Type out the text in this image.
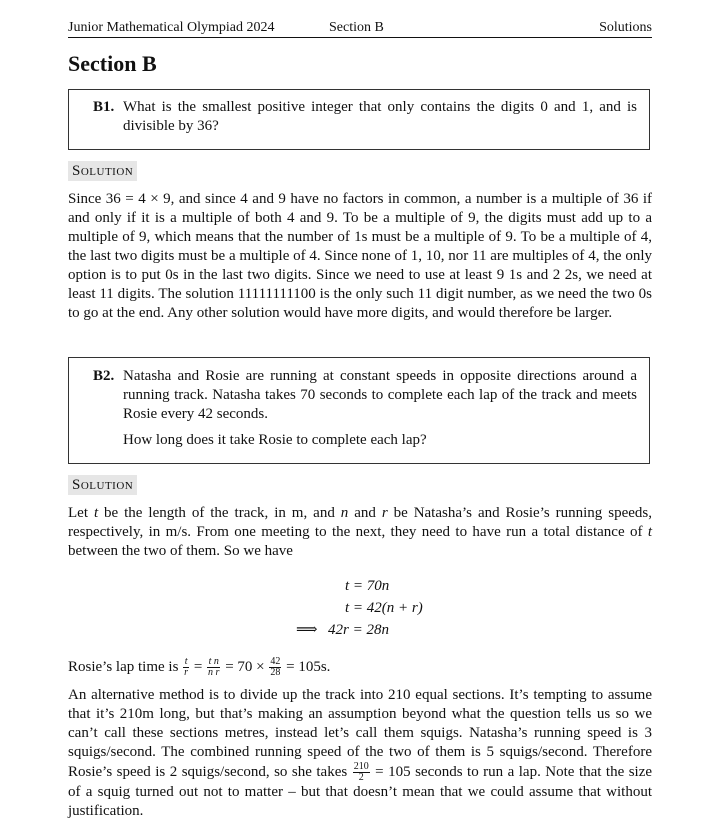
Junior Mathematical Olympiad 2024	Section B	Solutions
Section B
B1. What is the smallest positive integer that only contains the digits 0 and 1, and is divisible by 36?

Solution

Since 36 = 4 × 9, and since 4 and 9 have no factors in common, a number is a multiple of 36 if and only if it is a multiple of both 4 and 9. To be a multiple of 9, the digits must add up to a multiple of 9, which means that the number of 1s must be a multiple of 9. To be a multiple of 4, the last two digits must be a multiple of 4. Since none of 1, 10, nor 11 are multiples of 4, the only option is to put 0s in the last two digits. Since we need to use at least 9 1s and 2 2s, we need at least 11 digits. The solution 11111111100 is the only such 11 digit number, as we need the two 0s to go at the end. Any other solution would have more digits, and would therefore be larger.

B2. Natasha and Rosie are running at constant speeds in opposite directions around a running track. Natasha takes 70 seconds to complete each lap of the track and meets Rosie every 42 seconds.

How long does it take Rosie to complete each lap?

Solution

Let t be the length of the track, in m, and n and r be Natasha’s and Rosie’s running speeds, respectively, in m/s. From one meeting to the next, they need to have run a total distance of t between the two of them. So we have

t = 70n
t = 42(n + r)
⟹ 42r = 28n

Rosie’s lap time is $\frac{t}{r} = \frac{\text{t n}}{\text{n r}} = 70 \times \frac{42}{28} = 105s$.

An alternative method is to divide up the track into 210 equal sections. It’s tempting to assume that it’s 210m long, but that’s making an assumption beyond what the question tells us so we can’t call these sections metres, instead let’s call them squigs. Natasha’s running speed is 3 squigs/second. The combined running speed of the two of them is 5 squigs/second. Therefore Rosie’s speed is 2 squigs/second, so she takes $\frac{210}{2} = 105$ seconds to run a lap. Note that the size of a squig turned out not to matter – but that doesn’t mean that we could assume that without justification.
